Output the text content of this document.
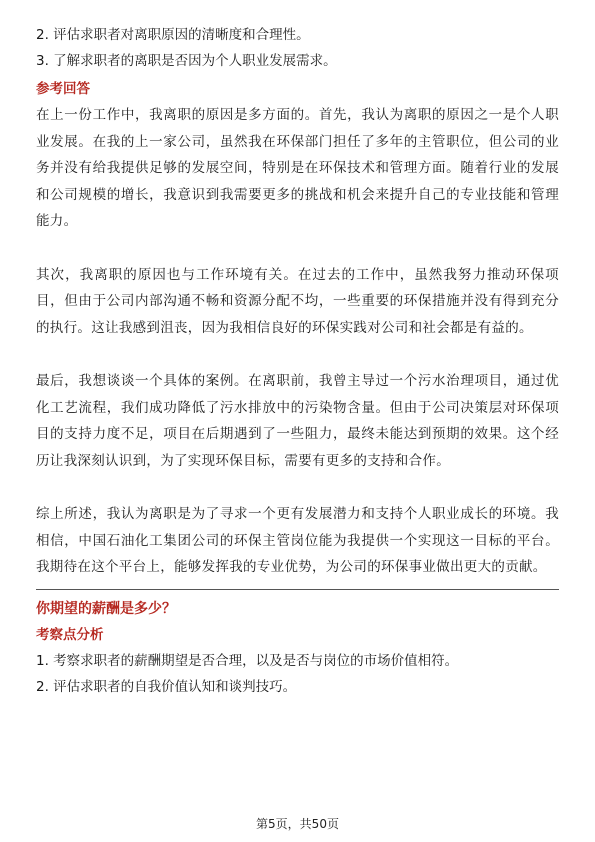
2. 评估求职者对离职原因的清晰度和合理性。
3. 了解求职者的离职是否因为个人职业发展需求。
参考回答

在上一份工作中，我离职的原因是多方面的。首先，我认为离职的原因之一是个人职业发展。在我的上一家公司，虽然我在环保部门担任了多年的主管职位，但公司的业务并没有给我提供足够的发展空间，特别是在环保技术和管理方面。随着行业的发展和公司规模的增长，我意识到我需要更多的挑战和机会来提升自己的专业技能和管理能力。

其次，我离职的原因也与工作环境有关。在过去的工作中，虽然我努力推动环保项目，但由于公司内部沟通不畅和资源分配不均，一些重要的环保措施并没有得到充分的执行。这让我感到沮丧，因为我相信良好的环保实践对公司和社会都是有益的。

最后，我想谈谈一个具体的案例。在离职前，我曾主导过一个污水治理项目，通过优化工艺流程，我们成功降低了污水排放中的污染物含量。但由于公司决策层对环保项目的支持力度不足，项目在后期遇到了一些阻力，最终未能达到预期的效果。这个经历让我深刻认识到，为了实现环保目标，需要有更多的支持和合作。

综上所述，我认为离职是为了寻求一个更有发展潜力和支持个人职业成长的环境。我相信，中国石油化工集团公司的环保主管岗位能为我提供一个实现这一目标的平台。我期待在这个平台上，能够发挥我的专业优势，为公司的环保事业做出更大的贡献。

你期望的薪酬是多少？
考察点分析
1. 考察求职者的薪酬期望是否合理，以及是否与岗位的市场价值相符。
2. 评估求职者的自我价值认知和谈判技巧。
第5页，共50页
